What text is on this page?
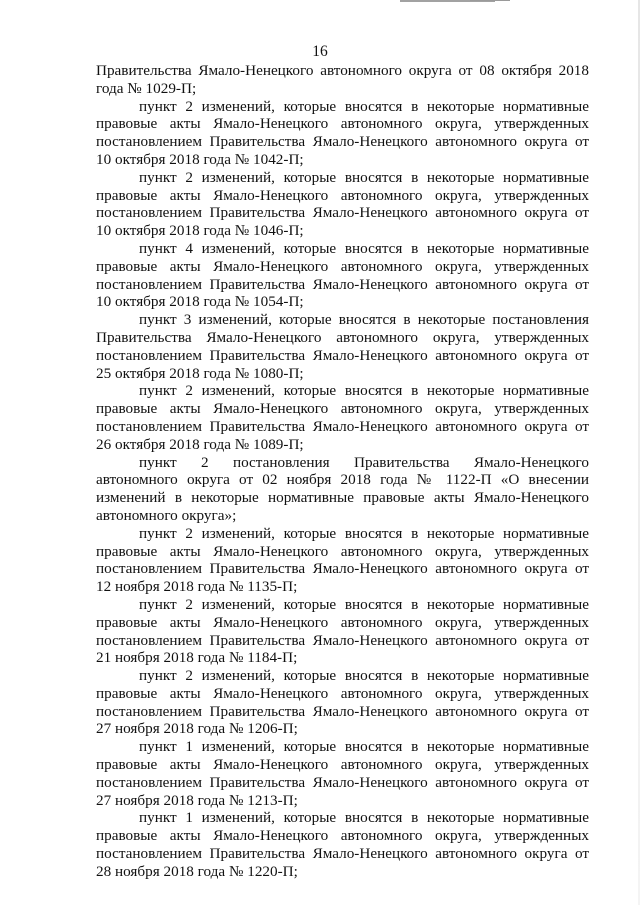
16

Правительства Ямало-Ненецкого автономного округа от 08 октября 2018 года № 1029-П;

пункт 2 изменений, которые вносятся в некоторые нормативные правовые акты Ямало-Ненецкого автономного округа, утвержденных постановлением Правительства Ямало-Ненецкого автономного округа от 10 октября 2018 года № 1042-П;

пункт 2 изменений, которые вносятся в некоторые нормативные правовые акты Ямало-Ненецкого автономного округа, утвержденных постановлением Правительства Ямало-Ненецкого автономного округа от 10 октября 2018 года № 1046-П;

пункт 4 изменений, которые вносятся в некоторые нормативные правовые акты Ямало-Ненецкого автономного округа, утвержденных постановлением Правительства Ямало-Ненецкого автономного округа от 10 октября 2018 года № 1054-П;

пункт 3 изменений, которые вносятся в некоторые постановления Правительства Ямало-Ненецкого автономного округа, утвержденных постановлением Правительства Ямало-Ненецкого автономного округа от 25 октября 2018 года № 1080-П;

пункт 2 изменений, которые вносятся в некоторые нормативные правовые акты Ямало-Ненецкого автономного округа, утвержденных постановлением Правительства Ямало-Ненецкого автономного округа от 26 октября 2018 года № 1089-П;

пункт 2 постановления Правительства Ямало-Ненецкого автономного округа от 02 ноября 2018 года № 1122-П «О внесении изменений в некоторые нормативные правовые акты Ямало-Ненецкого автономного округа»;

пункт 2 изменений, которые вносятся в некоторые нормативные правовые акты Ямало-Ненецкого автономного округа, утвержденных постановлением Правительства Ямало-Ненецкого автономного округа от 12 ноября 2018 года № 1135-П;

пункт 2 изменений, которые вносятся в некоторые нормативные правовые акты Ямало-Ненецкого автономного округа, утвержденных постановлением Правительства Ямало-Ненецкого автономного округа от 21 ноября 2018 года № 1184-П;

пункт 2 изменений, которые вносятся в некоторые нормативные правовые акты Ямало-Ненецкого автономного округа, утвержденных постановлением Правительства Ямало-Ненецкого автономного округа от 27 ноября 2018 года № 1206-П;

пункт 1 изменений, которые вносятся в некоторые нормативные правовые акты Ямало-Ненецкого автономного округа, утвержденных постановлением Правительства Ямало-Ненецкого автономного округа от 27 ноября 2018 года № 1213-П;

пункт 1 изменений, которые вносятся в некоторые нормативные правовые акты Ямало-Ненецкого автономного округа, утвержденных постановлением Правительства Ямало-Ненецкого автономного округа от 28 ноября 2018 года № 1220-П;
